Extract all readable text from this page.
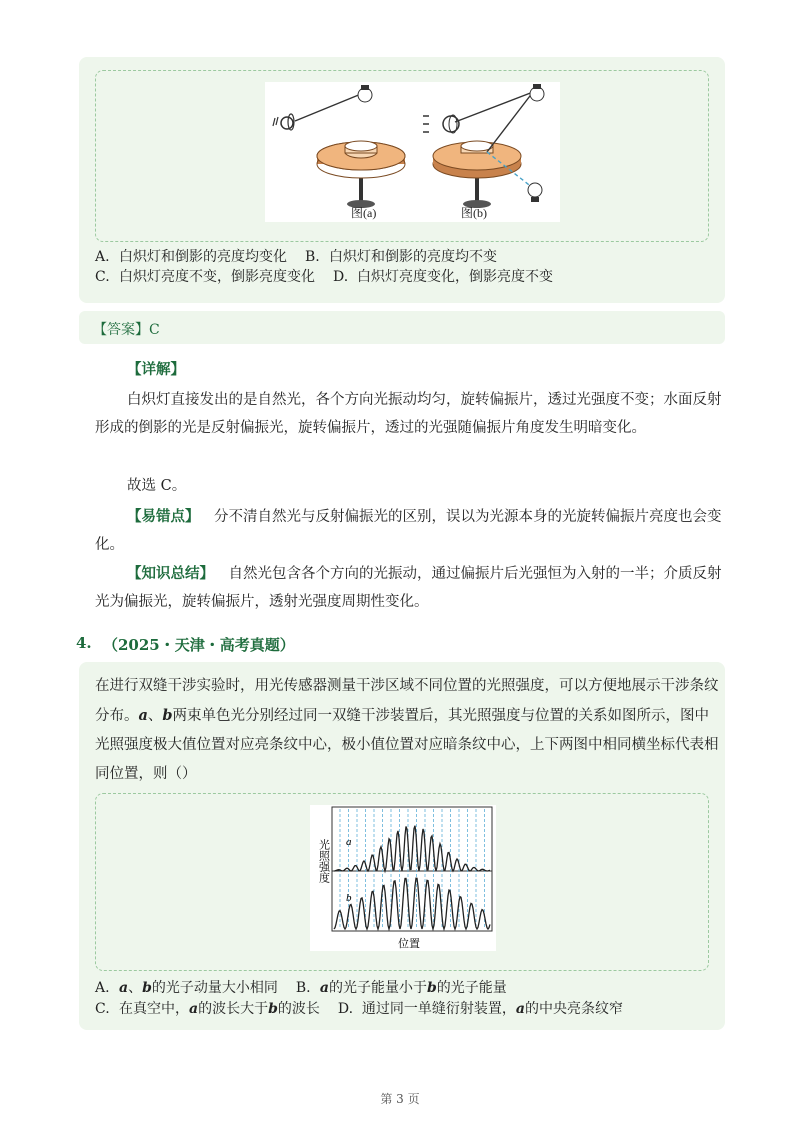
图(a)	图(b)
A. 白炽灯和倒影的亮度均变化 B. 白炽灯和倒影的亮度均不变
C. 白炽灯亮度不变，倒影亮度变化 D. 白炽灯亮度变化，倒影亮度不变
【答案】C
【详解】
白炽灯直接发出的是自然光，各个方向光振动均匀，旋转偏振片，透过光强度不变；水面反射形成的倒影的光是反射偏振光，旋转偏振片，透过的光强随偏振片角度发生明暗变化。
故选 C。
【易错点】  分不清自然光与反射偏振光的区别，误以为光源本身的光旋转偏振片亮度也会变化。
【知识总结】  自然光包含各个方向的光振动，通过偏振片后光强恒为入射的一半；介质反射光为偏振光，旋转偏振片，透射光强度周期性变化。
4. （2025・天津・高考真题）
在进行双缝干涉实验时，用光传感器测量干涉区域不同位置的光照强度，可以方便地展示干涉条纹分布。a、b两束单色光分别经过同一双缝干涉装置后，其光照强度与位置的关系如图所示，图中光照强度极大值位置对应亮条纹中心，极小值位置对应暗条纹中心，上下两图中相同横坐标代表相同位置，则（）
a
b
光照强度
位置
A. a、b的光子动量大小相同 B. a的光子能量小于b的光子能量
C. 在真空中，a的波长大于b的波长 D. 通过同一单缝衍射装置，a的中央亮条纹窄
第 3 页
